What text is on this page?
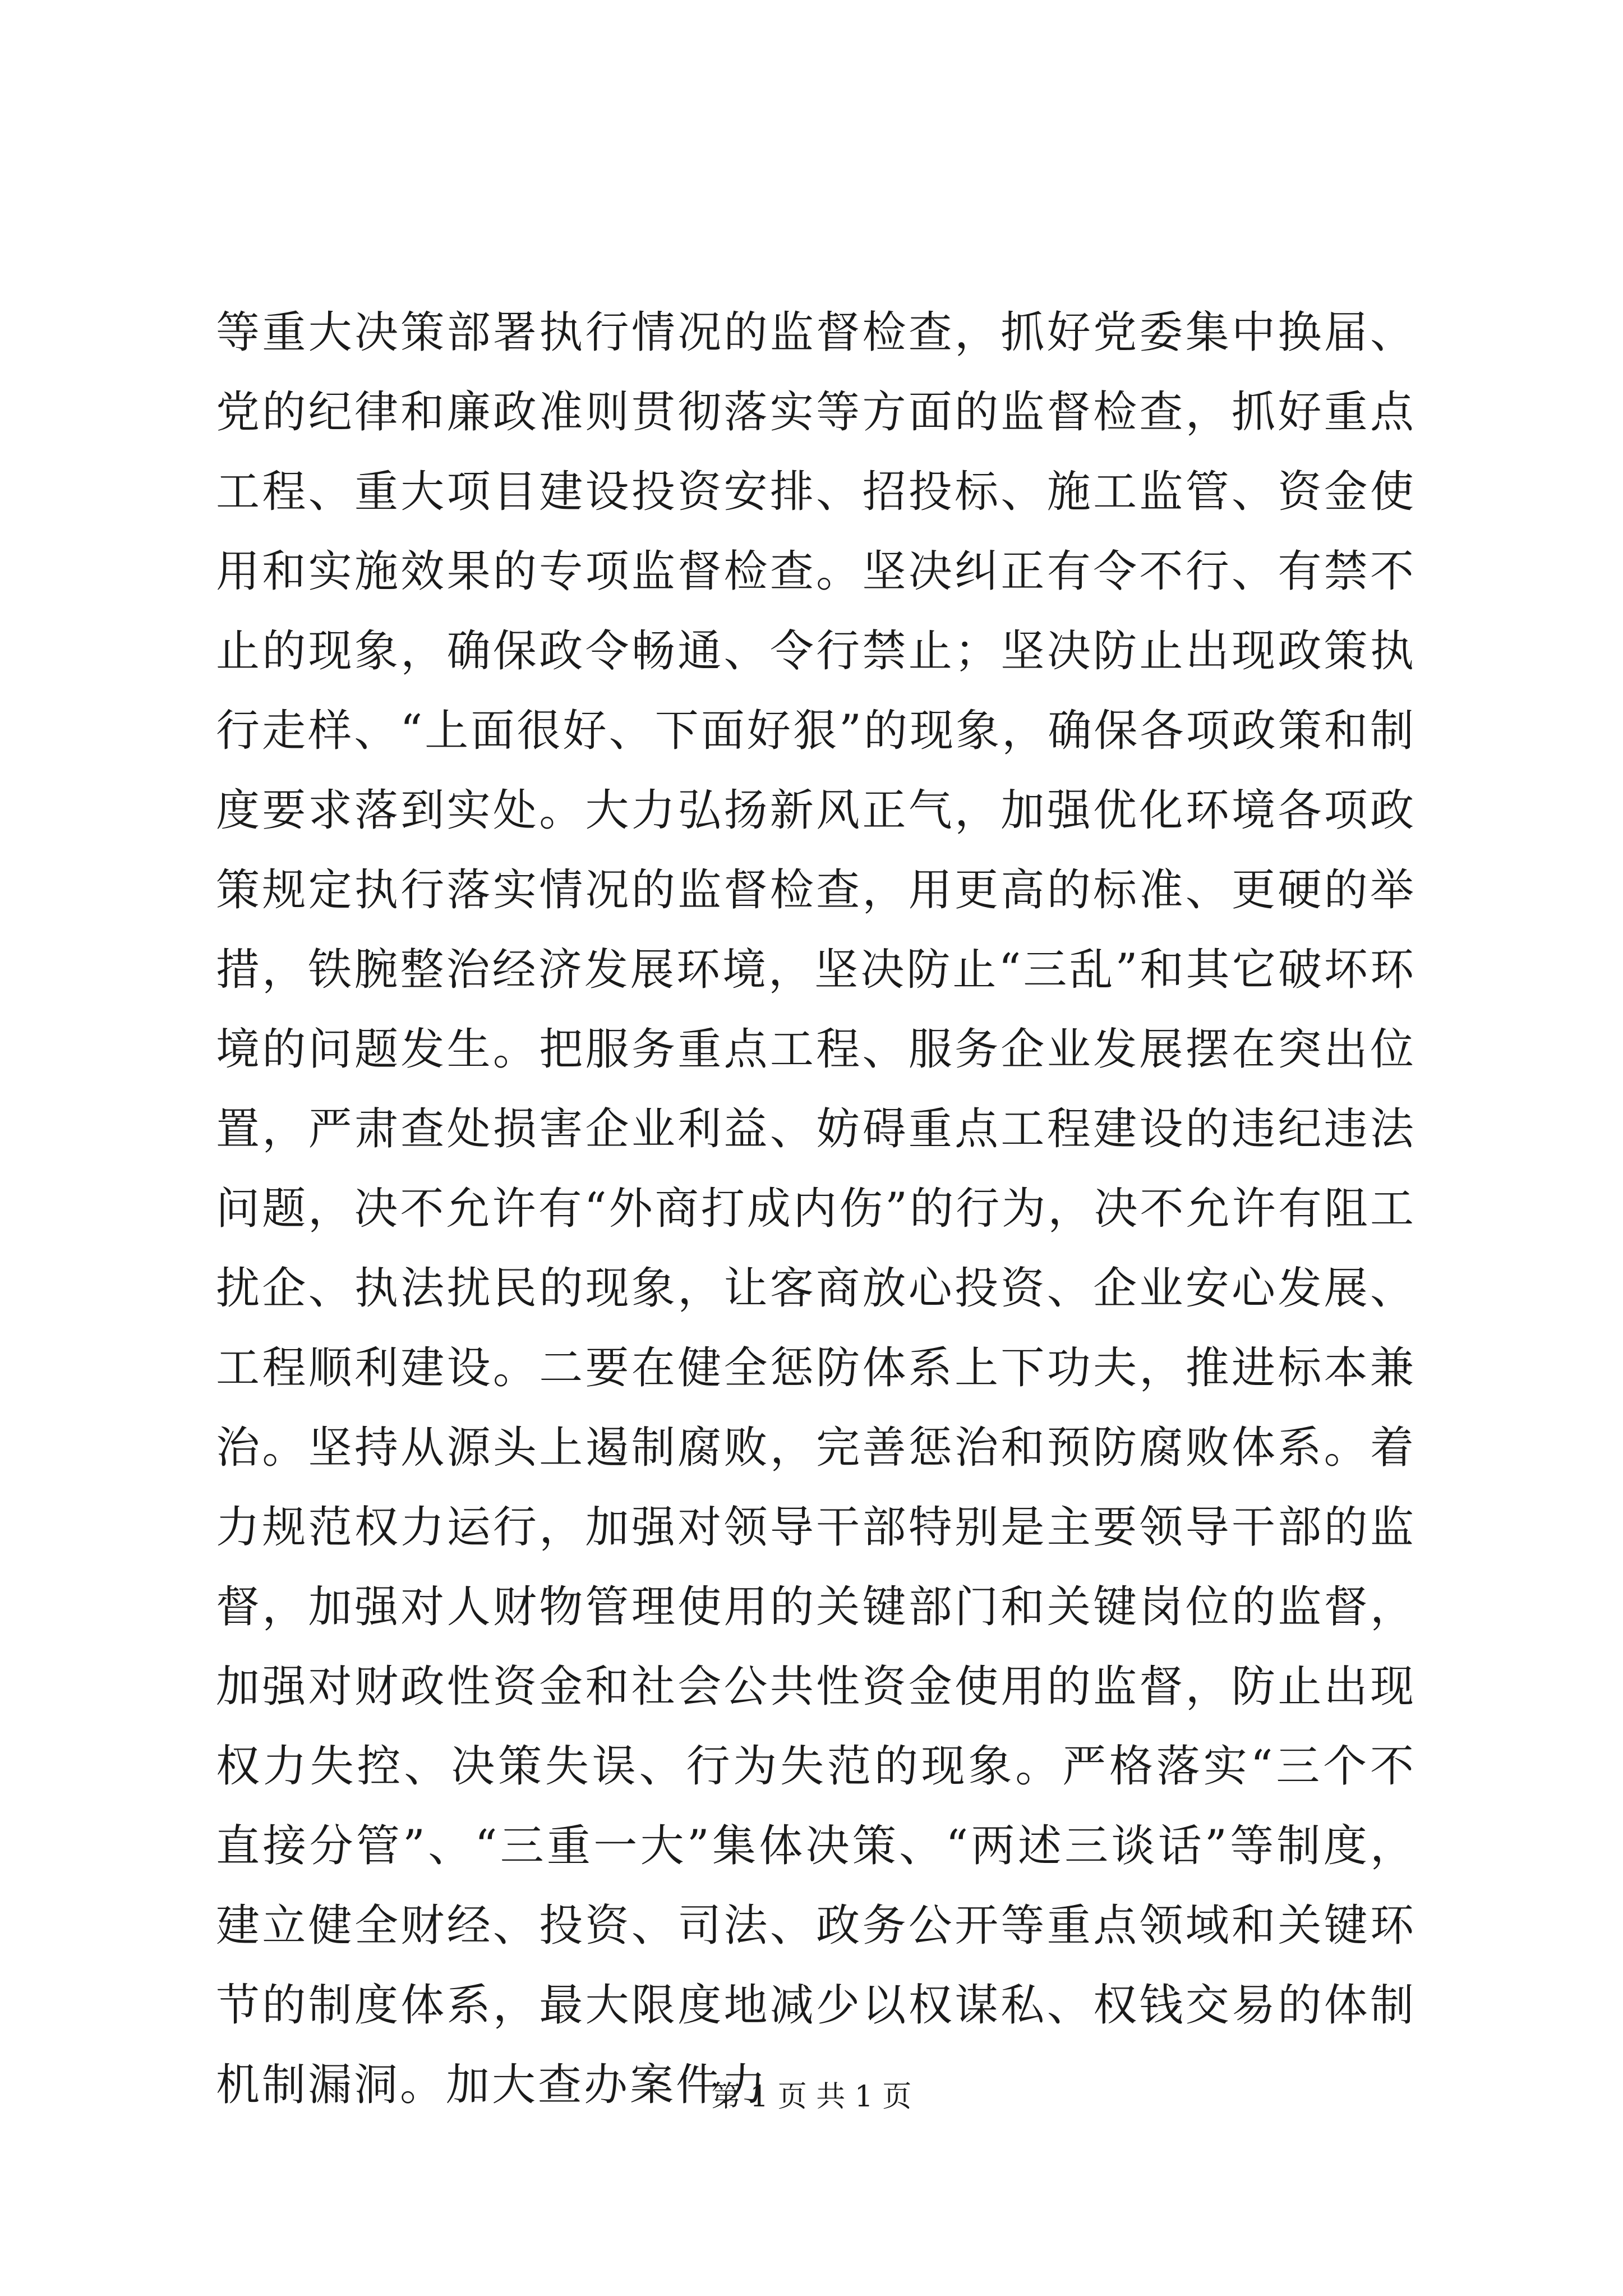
等重大决策部署执行情况的监督检查，抓好党委集中换届、党的纪律和廉政准则贯彻落实等方面的监督检查，抓好重点工程、重大项目建设投资安排、招投标、施工监管、资金使用和实施效果的专项监督检查。坚决纠正有令不行、有禁不止的现象，确保政令畅通、令行禁止；坚决防止出现政策执行走样、“上面很好、下面好狠”的现象，确保各项政策和制度要求落到实处。大力弘扬新风正气，加强优化环境各项政策规定执行落实情况的监督检查，用更高的标准、更硬的举措，铁腕整治经济发展环境，坚决防止“三乱”和其它破坏环境的问题发生。把服务重点工程、服务企业发展摆在突出位置，严肃查处损害企业利益、妨碍重点工程建设的违纪违法问题，决不允许有“外商打成内伤”的行为，决不允许有阻工扰企、执法扰民的现象，让客商放心投资、企业安心发展、工程顺利建设。二要在健全惩防体系上下功夫，推进标本兼治。坚持从源头上遏制腐败，完善惩治和预防腐败体系。着力规范权力运行，加强对领导干部特别是主要领导干部的监督，加强对人财物管理使用的关键部门和关键岗位的监督，加强对财政性资金和社会公共性资金使用的监督，防止出现权力失控、决策失误、行为失范的现象。严格落实“三个不直接分管”、“三重一大”集体决策、“两述三谈话”等制度，建立健全财经、投资、司法、政务公开等重点领域和关键环节的制度体系，最大限度地减少以权谋私、权钱交易的体制机制漏洞。加大查办案件力

第 1 页 共 1 页
